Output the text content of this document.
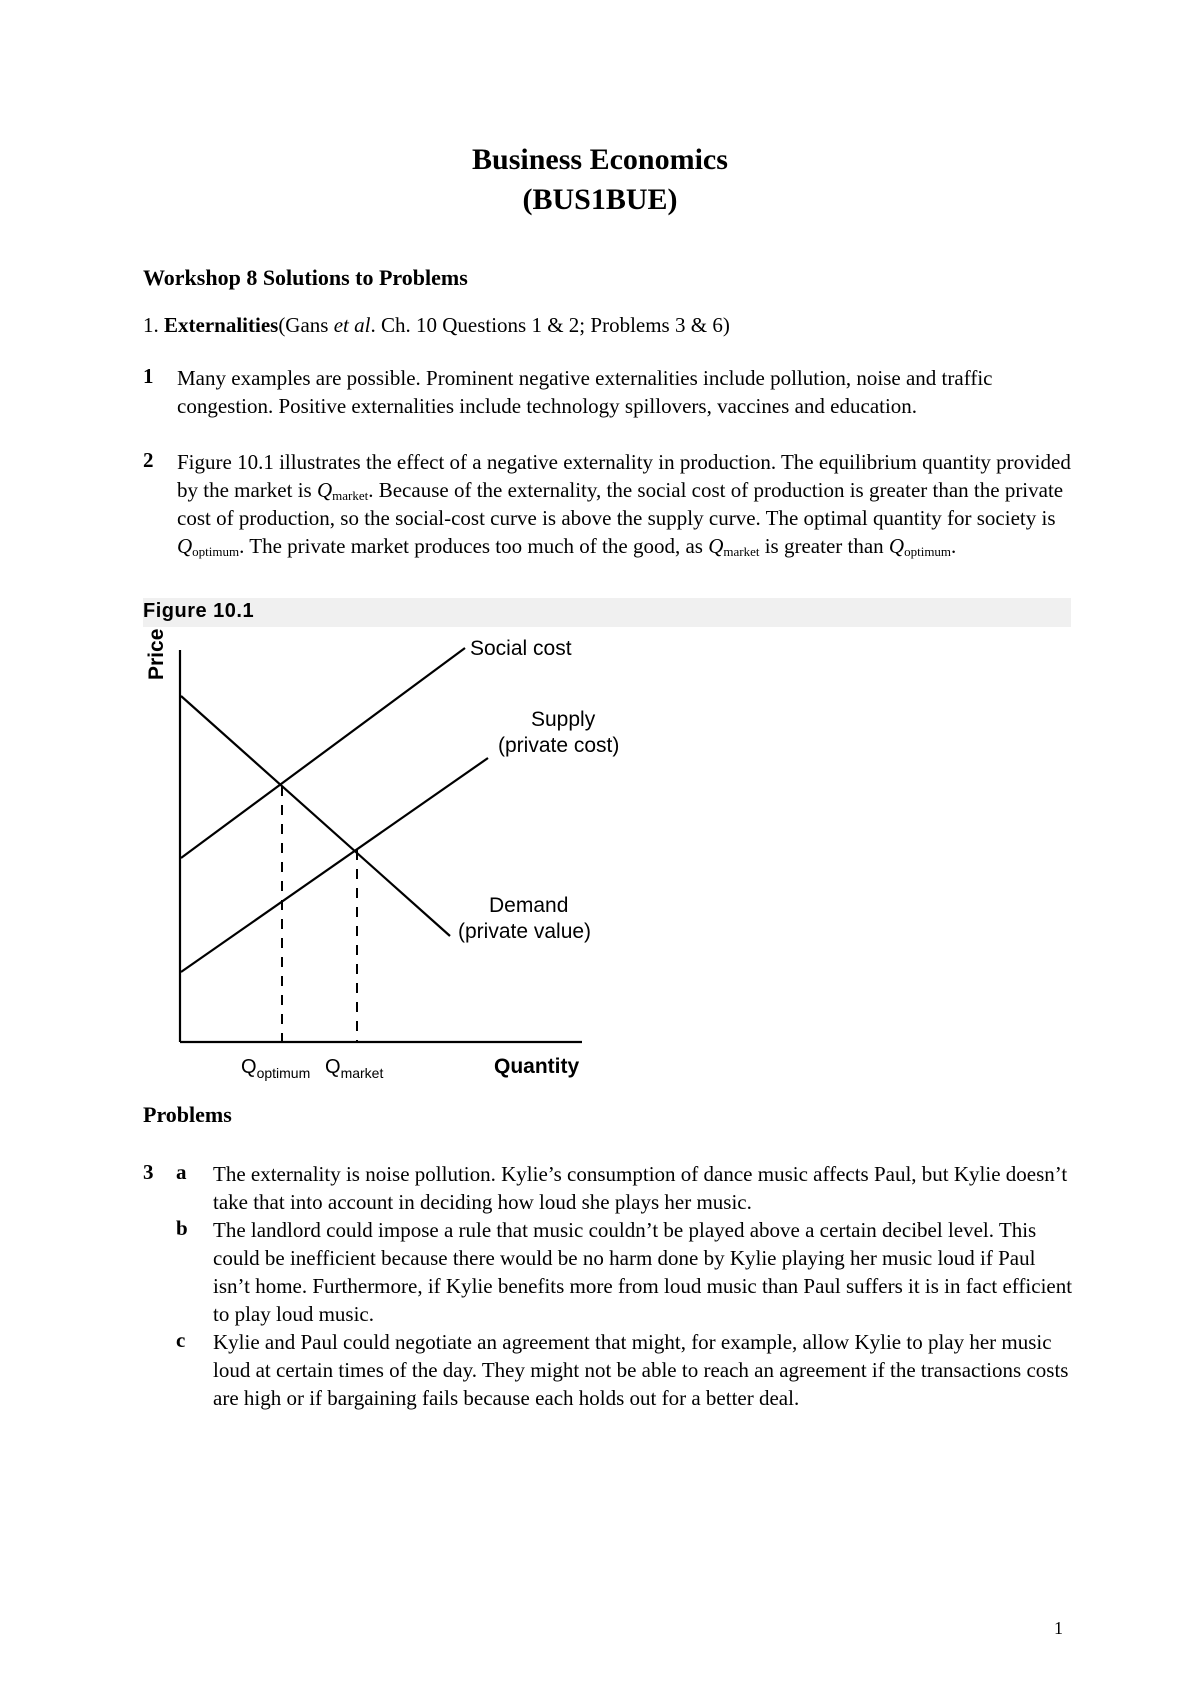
Business Economics
(BUS1BUE)
Workshop 8 Solutions to Problems
1. Externalities(Gans et al. Ch. 10 Questions 1 & 2; Problems 3 & 6)
1 Many examples are possible. Prominent negative externalities include pollution, noise and traffic congestion. Positive externalities include technology spillovers, vaccines and education.
2 Figure 10.1 illustrates the effect of a negative externality in production. The equilibrium quantity provided by the market is $Q_{market}$. Because of the externality, the social cost of production is greater than the private cost of production, so the social-cost curve is above the supply curve. The optimal quantity for society is $Q_{optimum}$. The private market produces too much of the good, as $Q_{market}$ is greater than $Q_{optimum}$.
Figure 10.1
Social cost
Supply
(private cost)
Demand
(private value)
Price
Quantity
$Q_{optimum}$ $Q_{market}$
Problems
3 a The externality is noise pollution. Kylie’s consumption of dance music affects Paul, but Kylie doesn’t take that into account in deciding how loud she plays her music.
b The landlord could impose a rule that music couldn’t be played above a certain decibel level. This could be inefficient because there would be no harm done by Kylie playing her music loud if Paul isn’t home. Furthermore, if Kylie benefits more from loud music than Paul suffers it is in fact efficient to play loud music.
c Kylie and Paul could negotiate an agreement that might, for example, allow Kylie to play her music loud at certain times of the day. They might not be able to reach an agreement if the transactions costs are high or if bargaining fails because each holds out for a better deal.
1
